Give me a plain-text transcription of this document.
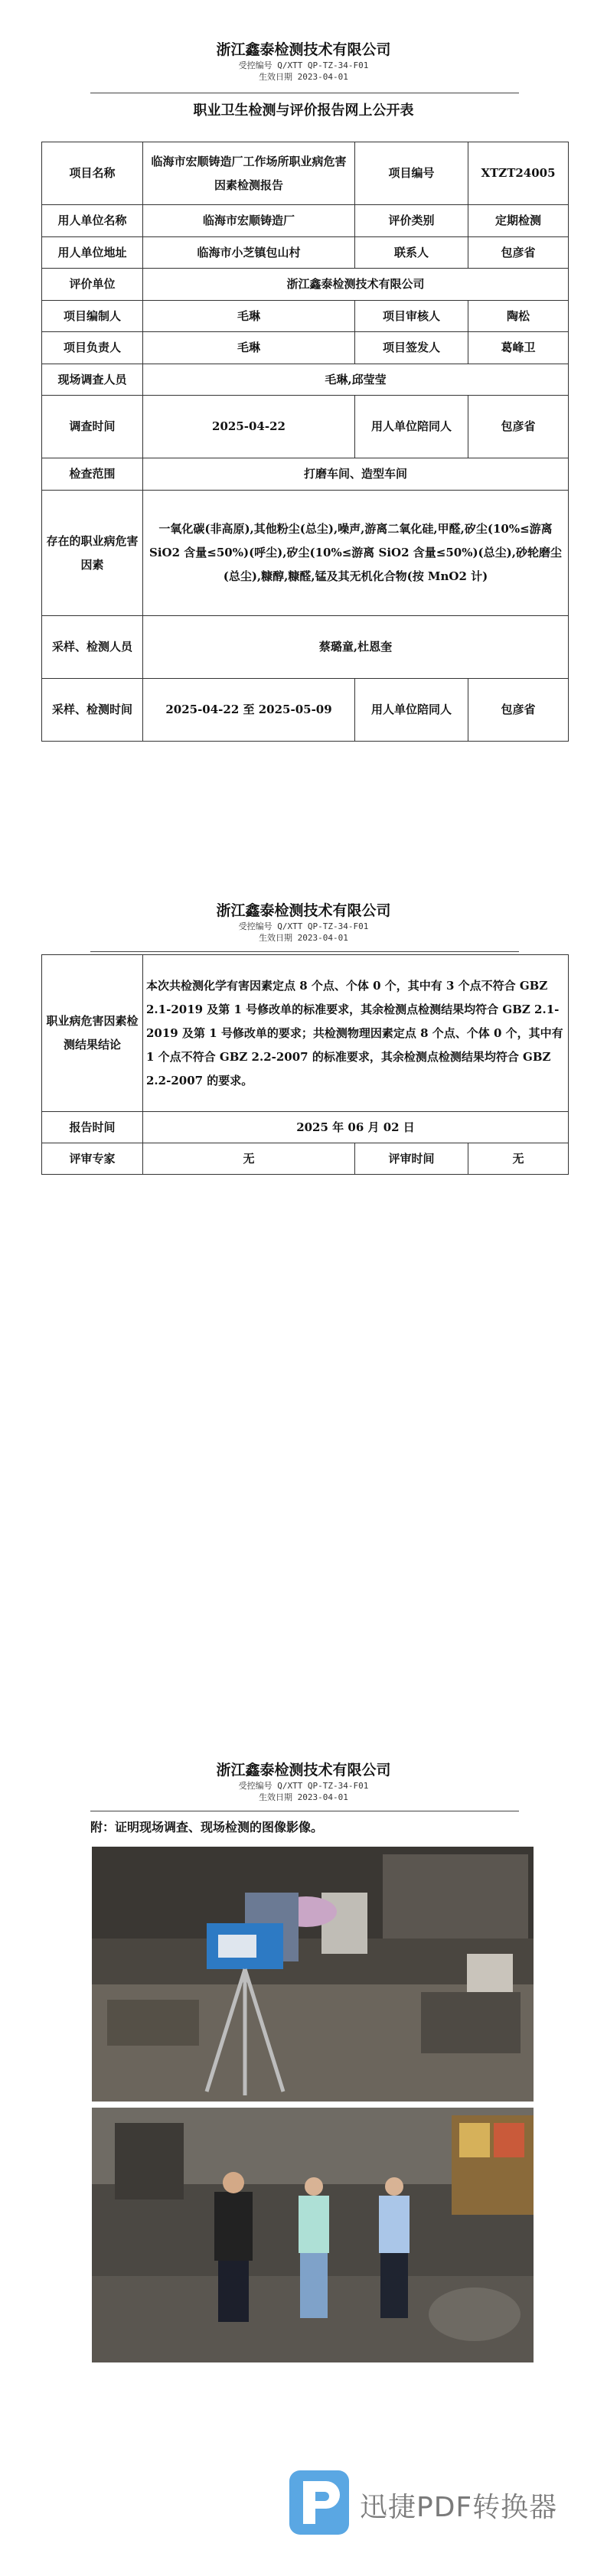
浙江鑫泰检测技术有限公司
受控编号 Q/XTT QP-TZ-34-F01
生效日期 2023-04-01
职业卫生检测与评价报告网上公开表
项目名称	临海市宏顺铸造厂工作场所职业病危害因素检测报告	项目编号	XTZT24005
用人单位名称	临海市宏顺铸造厂	评价类别	定期检测
用人单位地址	临海市小芝镇包山村	联系人	包彦省
评价单位	浙江鑫泰检测技术有限公司		
项目编制人	毛琳	项目审核人	陶松
项目负责人	毛琳	项目签发人	葛峰卫
现场调查人员	毛琳,邱莹莹		
调查时间	2025-04-22	用人单位陪同人	包彦省
检查范围	打磨车间、造型车间		
存在的职业病危害因素	一氧化碳(非高原),其他粉尘(总尘),噪声,游离二氧化硅,甲醛,矽尘(10%≤游离 SiO2 含量≤50%)(呼尘),矽尘(10%≤游离 SiO2 含量≤50%)(总尘),砂轮磨尘(总尘),糠醇,糠醛,锰及其无机化合物(按 MnO2 计)		
采样、检测人员	蔡璐童,杜恩奎		
采样、检测时间	2025-04-22 至 2025-05-09	用人单位陪同人	包彦省
浙江鑫泰检测技术有限公司
受控编号 Q/XTT QP-TZ-34-F01
生效日期 2023-04-01
职业病危害因素检测结果结论	本次共检测化学有害因素定点 8 个点、个体 0 个，其中有 3 个点不符合 GBZ 2.1-2019 及第 1 号修改单的标准要求，其余检测点检测结果均符合 GBZ 2.1-2019 及第 1 号修改单的要求；共检测物理因素定点 8 个点、个体 0 个，其中有 1 个点不符合 GBZ 2.2-2007 的标准要求，其余检测点检测结果均符合 GBZ 2.2-2007 的要求。		
报告时间	2025 年 06 月 02 日		
评审专家	无	评审时间	无
浙江鑫泰检测技术有限公司
受控编号 Q/XTT QP-TZ-34-F01
生效日期 2023-04-01
附：证明现场调查、现场检测的图像影像。
迅捷PDF转换器
